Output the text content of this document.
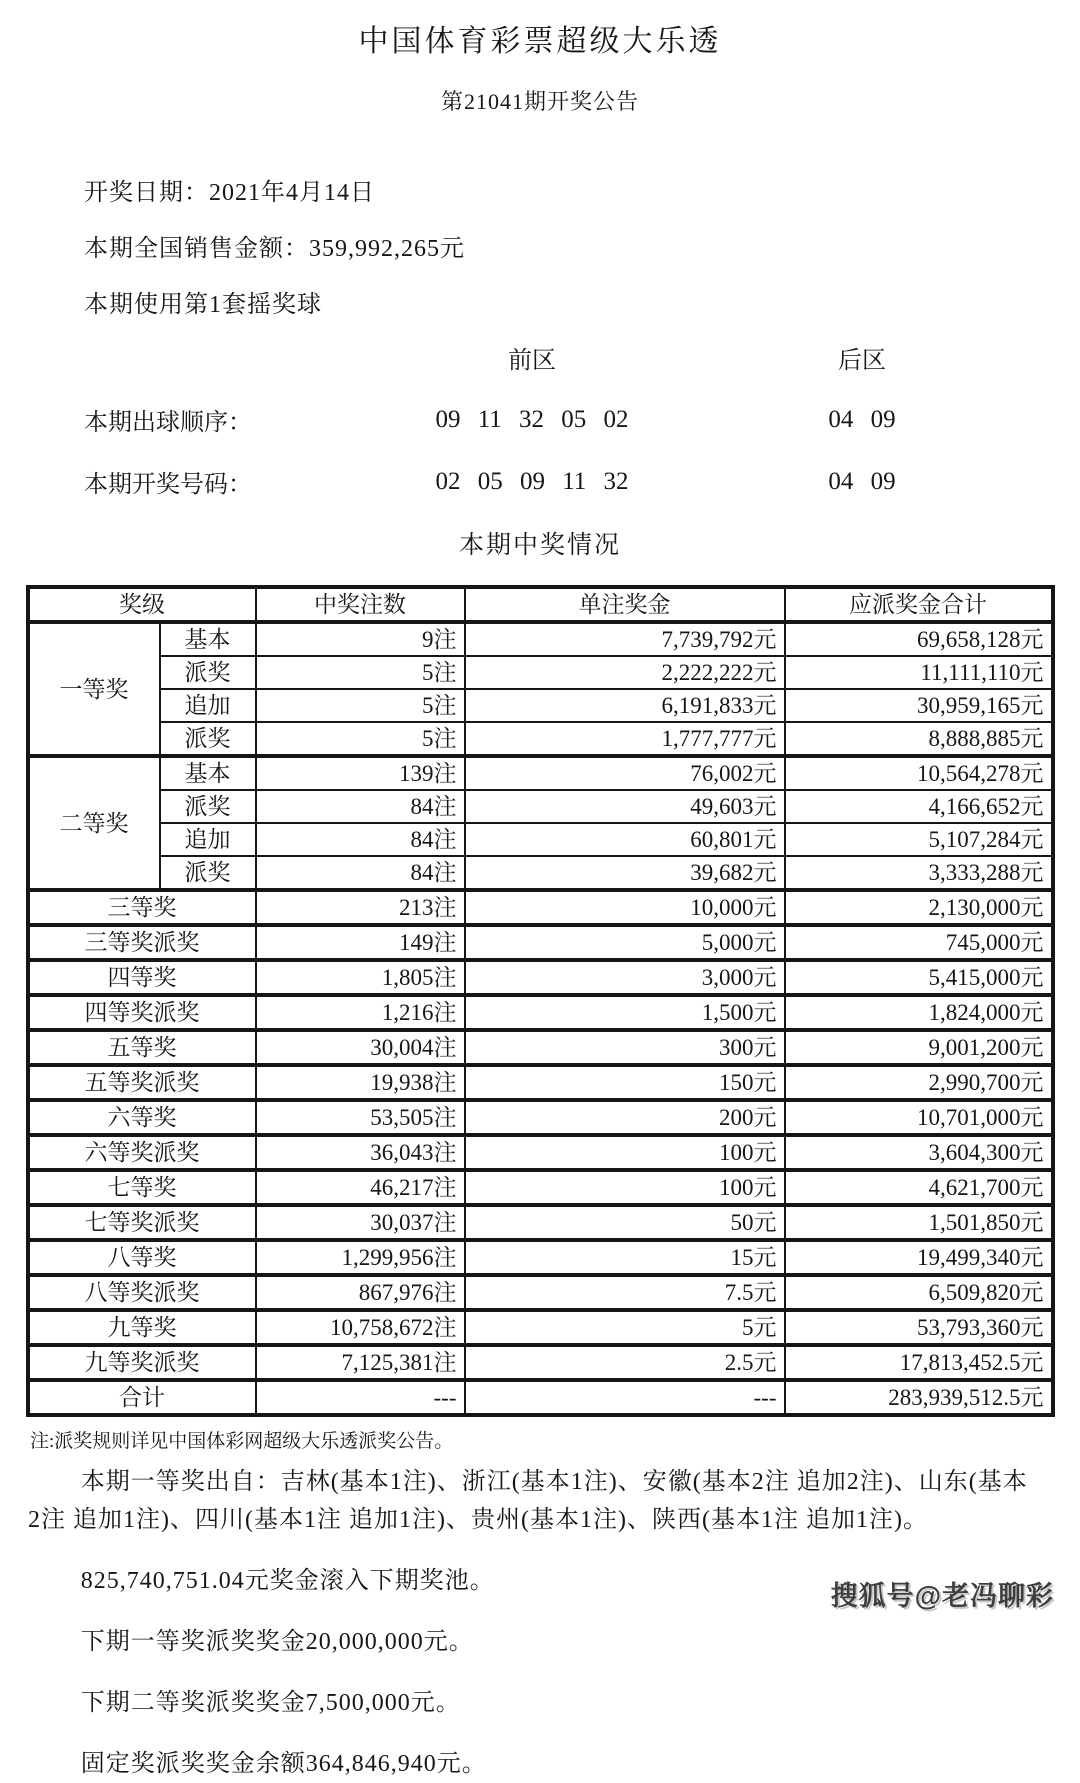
中国体育彩票超级大乐透
第21041期开奖公告
开奖日期：2021年4月14日
本期全国销售金额：359,992,265元
本期使用第1套摇奖球
前区	后区
本期出球顺序：	09 11 32 05 02	04 09
本期开奖号码：	02 05 09 11 32	04 09
本期中奖情况
奖级		中奖注数	单注奖金	应派奖金合计
一等奖	基本	9注	7,739,792元	69,658,128元
	派奖	5注	2,222,222元	11,111,110元
	追加	5注	6,191,833元	30,959,165元
	派奖	5注	1,777,777元	8,888,885元
二等奖	基本	139注	76,002元	10,564,278元
	派奖	84注	49,603元	4,166,652元
	追加	84注	60,801元	5,107,284元
	派奖	84注	39,682元	3,333,288元
三等奖		213注	10,000元	2,130,000元
三等奖派奖		149注	5,000元	745,000元
四等奖		1,805注	3,000元	5,415,000元
四等奖派奖		1,216注	1,500元	1,824,000元
五等奖		30,004注	300元	9,001,200元
五等奖派奖		19,938注	150元	2,990,700元
六等奖		53,505注	200元	10,701,000元
六等奖派奖		36,043注	100元	3,604,300元
七等奖		46,217注	100元	4,621,700元
七等奖派奖		30,037注	50元	1,501,850元
八等奖		1,299,956注	15元	19,499,340元
八等奖派奖		867,976注	7.5元	6,509,820元
九等奖		10,758,672注	5元	53,793,360元
九等奖派奖		7,125,381注	2.5元	17,813,452.5元
合计		---	---	283,939,512.5元
注:派奖规则详见中国体彩网超级大乐透派奖公告。

本期一等奖出自：吉林(基本1注)、浙江(基本1注)、安徽(基本2注 追加2注)、山东(基本2注 追加1注)、四川(基本1注 追加1注)、贵州(基本1注)、陕西(基本1注 追加1注)。

825,740,751.04元奖金滚入下期奖池。

下期一等奖派奖奖金20,000,000元。

下期二等奖派奖奖金7,500,000元。

固定奖派奖奖金余额364,846,940元。

搜狐号@老冯聊彩
